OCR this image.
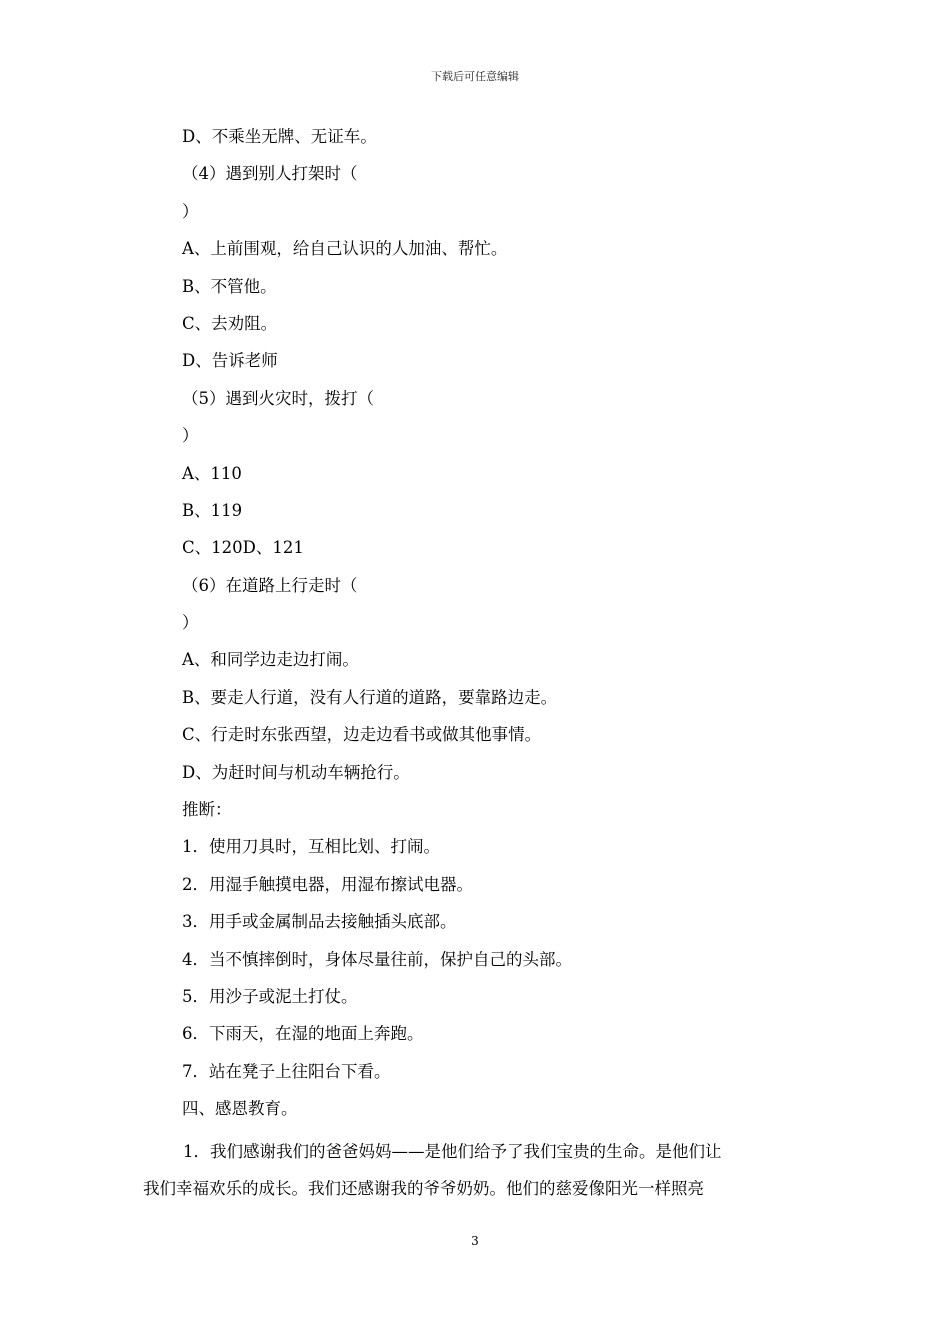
下载后可任意编辑
D、不乘坐无牌、无证车。
（4）遇到别人打架时（
）
A、上前围观，给自己认识的人加油、帮忙。
B、不管他。
C、去劝阻。
D、告诉老师
（5）遇到火灾时，拨打（
）
A、110
B、119
C、120D、121
（6）在道路上行走时（
）
A、和同学边走边打闹。
B、要走人行道，没有人行道的道路，要靠路边走。
C、行走时东张西望，边走边看书或做其他事情。
D、为赶时间与机动车辆抢行。
推断：
1．使用刀具时，互相比划、打闹。
2．用湿手触摸电器，用湿布擦试电器。
3．用手或金属制品去接触插头底部。
4．当不慎摔倒时，身体尽量往前，保护自己的头部。
5．用沙子或泥土打仗。
6．下雨天，在湿的地面上奔跑。
7．站在凳子上往阳台下看。
四、感恩教育。
1．我们感谢我们的爸爸妈妈——是他们给予了我们宝贵的生命。是他们让
我们幸福欢乐的成长。我们还感谢我的爷爷奶奶。他们的慈爱像阳光一样照亮
3
